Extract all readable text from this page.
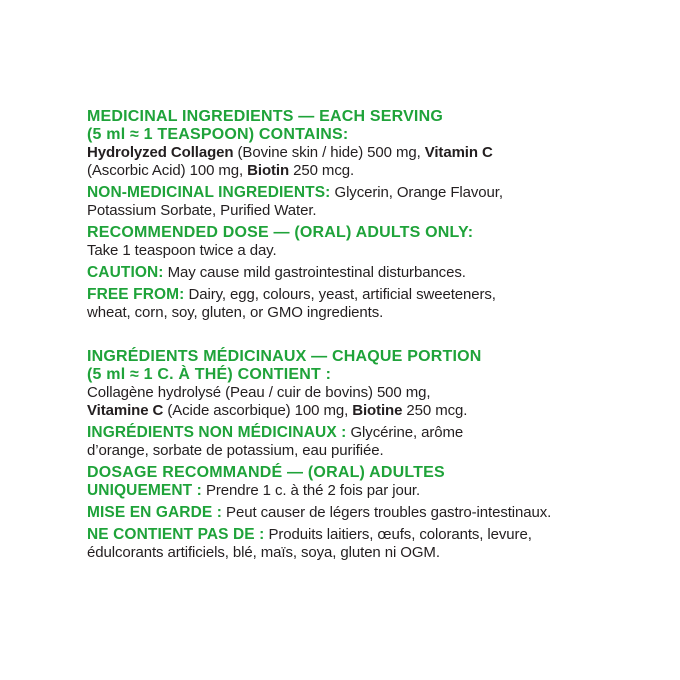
MEDICINAL INGREDIENTS — EACH SERVING
(5 ml ≈ 1 TEASPOON) CONTAINS:
Hydrolyzed Collagen (Bovine skin / hide) 500 mg, Vitamin C
(Ascorbic Acid) 100 mg, Biotin 250 mcg.
NON-MEDICINAL INGREDIENTS: Glycerin, Orange Flavour,
Potassium Sorbate, Purified Water.
RECOMMENDED DOSE — (ORAL) ADULTS ONLY:
Take 1 teaspoon twice a day.
CAUTION: May cause mild gastrointestinal disturbances.
FREE FROM: Dairy, egg, colours, yeast, artificial sweeteners,
wheat, corn, soy, gluten, or GMO ingredients.
INGRÉDIENTS MÉDICINAUX — CHAQUE PORTION
(5 ml ≈ 1 C. À THÉ) CONTIENT :
Collagène hydrolysé (Peau / cuir de bovins) 500 mg,
Vitamine C (Acide ascorbique) 100 mg, Biotine 250 mcg.
INGRÉDIENTS NON MÉDICINAUX : Glycérine, arôme
d’orange, sorbate de potassium, eau purifiée.
DOSAGE RECOMMANDÉ — (ORAL) ADULTES
UNIQUEMENT : Prendre 1 c. à thé 2 fois par jour.
MISE EN GARDE : Peut causer de légers troubles gastro-intestinaux.
NE CONTIENT PAS DE : Produits laitiers, œufs, colorants, levure,
édulcorants artificiels, blé, maïs, soya, gluten ni OGM.
